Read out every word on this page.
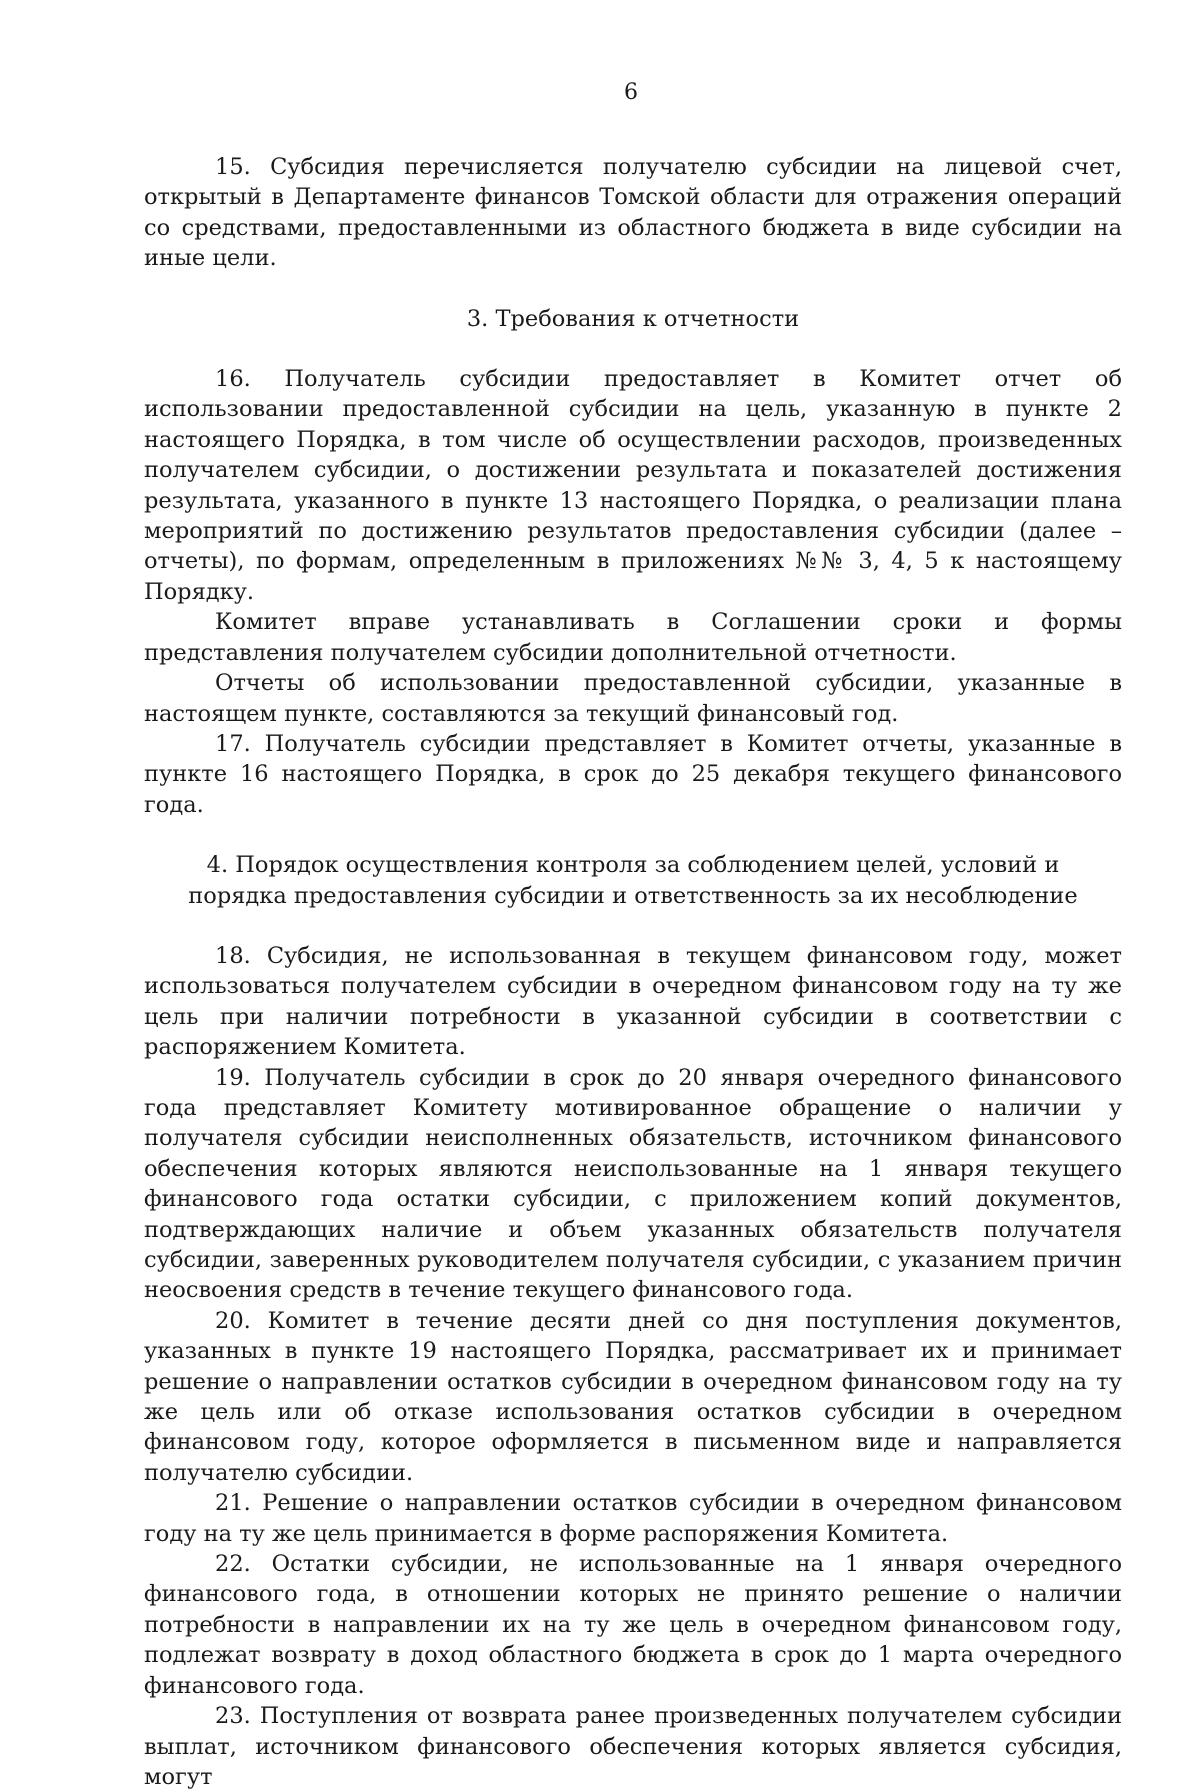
6

15. Субсидия перечисляется получателю субсидии на лицевой счет, открытый в Департаменте финансов Томской области для отражения операций со средствами, предоставленными из областного бюджета в виде субсидии на иные цели.

3. Требования к отчетности

16. Получатель субсидии предоставляет в Комитет отчет об использовании предоставленной субсидии на цель, указанную в пункте 2 настоящего Порядка, в том числе об осуществлении расходов, произведенных получателем субсидии, о достижении результата и показателей достижения результата, указанного в пункте 13 настоящего Порядка, о реализации плана мероприятий по достижению результатов предоставления субсидии (далее – отчеты), по формам, определенным в приложениях №№ 3, 4, 5 к настоящему Порядку.

Комитет вправе устанавливать в Соглашении сроки и формы представления получателем субсидии дополнительной отчетности.

Отчеты об использовании предоставленной субсидии, указанные в настоящем пункте, составляются за текущий финансовый год.

17. Получатель субсидии представляет в Комитет отчеты, указанные в пункте 16 настоящего Порядка, в срок до 25 декабря текущего финансового года.

4. Порядок осуществления контроля за соблюдением целей, условий и порядка предоставления субсидии и ответственность за их несоблюдение

18. Субсидия, не использованная в текущем финансовом году, может использоваться получателем субсидии в очередном финансовом году на ту же цель при наличии потребности в указанной субсидии в соответствии с распоряжением Комитета.

19. Получатель субсидии в срок до 20 января очередного финансового года представляет Комитету мотивированное обращение о наличии у получателя субсидии неисполненных обязательств, источником финансового обеспечения которых являются неиспользованные на 1 января текущего финансового года остатки субсидии, с приложением копий документов, подтверждающих наличие и объем указанных обязательств получателя субсидии, заверенных руководителем получателя субсидии, с указанием причин неосвоения средств в течение текущего финансового года.

20. Комитет в течение десяти дней со дня поступления документов, указанных в пункте 19 настоящего Порядка, рассматривает их и принимает решение о направлении остатков субсидии в очередном финансовом году на ту же цель или об отказе использования остатков субсидии в очередном финансовом году, которое оформляется в письменном виде и направляется получателю субсидии.

21. Решение о направлении остатков субсидии в очередном финансовом году на ту же цель принимается в форме распоряжения Комитета.

22. Остатки субсидии, не использованные на 1 января очередного финансового года, в отношении которых не принято решение о наличии потребности в направлении их на ту же цель в очередном финансовом году, подлежат возврату в доход областного бюджета в срок до 1 марта очередного финансового года.

23. Поступления от возврата ранее произведенных получателем субсидии выплат, источником финансового обеспечения которых является субсидия, могут
